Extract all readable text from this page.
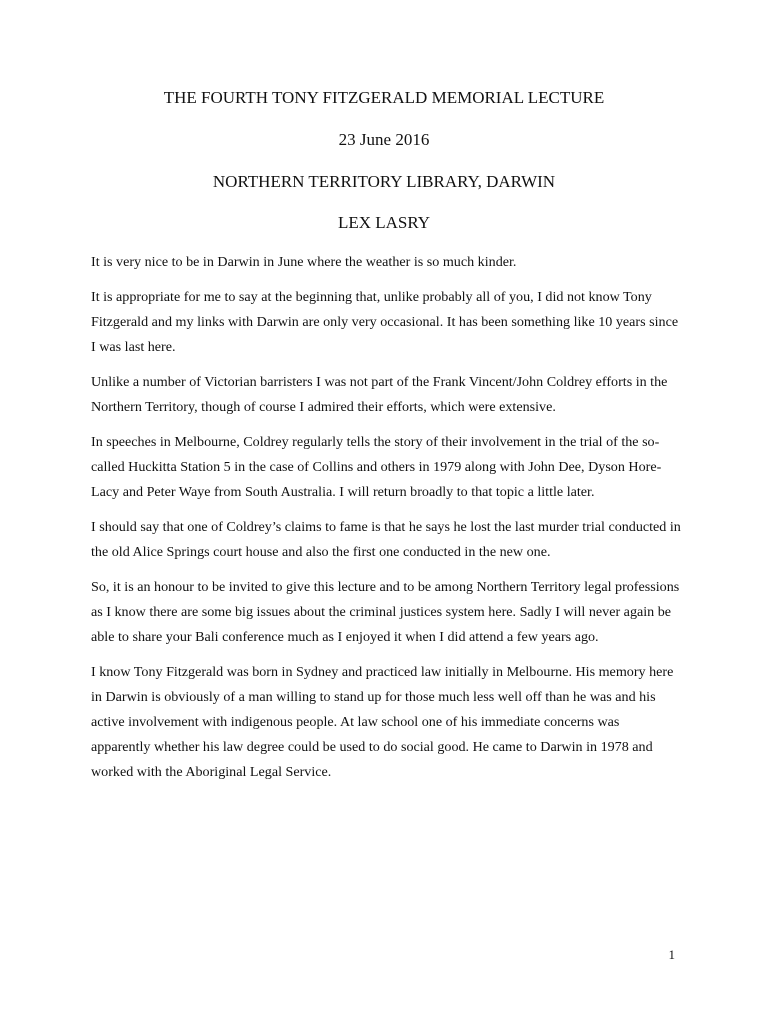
THE FOURTH TONY FITZGERALD MEMORIAL LECTURE
23 June 2016
NORTHERN TERRITORY LIBRARY, DARWIN
LEX LASRY

It is very nice to be in Darwin in June where the weather is so much kinder.

It is appropriate for me to say at the beginning that, unlike probably all of you, I did not know Tony Fitzgerald and my links with Darwin are only very occasional. It has been something like 10 years since I was last here.

Unlike a number of Victorian barristers I was not part of the Frank Vincent/John Coldrey efforts in the Northern Territory, though of course I admired their efforts, which were extensive.

In speeches in Melbourne, Coldrey regularly tells the story of their involvement in the trial of the so-called Huckitta Station 5 in the case of Collins and others in 1979 along with John Dee, Dyson Hore-Lacy and Peter Waye from South Australia. I will return broadly to that topic a little later.

I should say that one of Coldrey’s claims to fame is that he says he lost the last murder trial conducted in the old Alice Springs court house and also the first one conducted in the new one.

So, it is an honour to be invited to give this lecture and to be among Northern Territory legal professions as I know there are some big issues about the criminal justices system here. Sadly I will never again be able to share your Bali conference much as I enjoyed it when I did attend a few years ago.

I know Tony Fitzgerald was born in Sydney and practiced law initially in Melbourne. His memory here in Darwin is obviously of a man willing to stand up for those much less well off than he was and his active involvement with indigenous people. At law school one of his immediate concerns was apparently whether his law degree could be used to do social good. He came to Darwin in 1978 and worked with the Aboriginal Legal Service.

1
